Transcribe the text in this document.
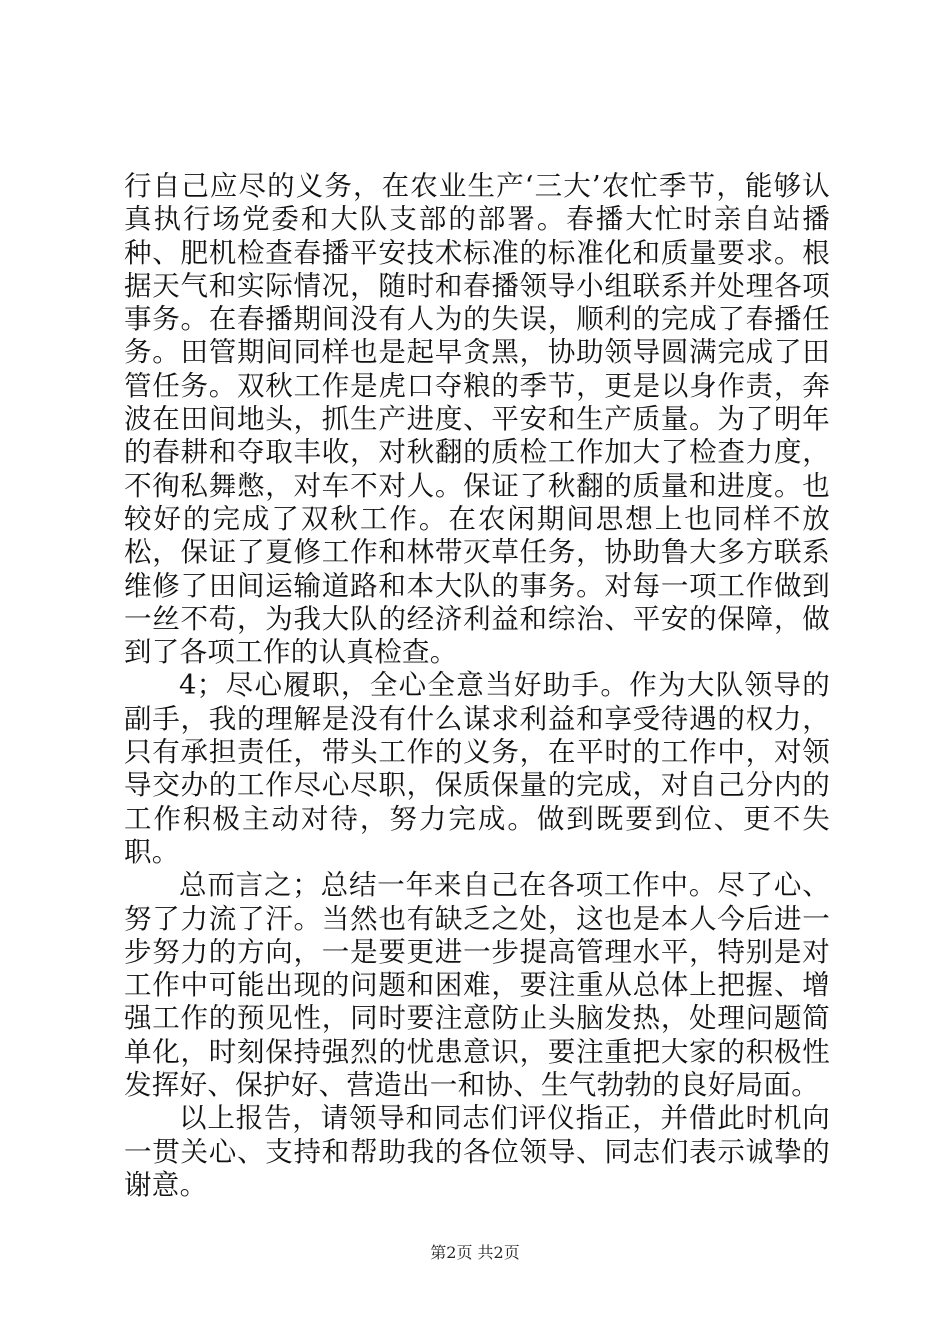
行自己应尽的义务，在农业生产‘三大’农忙季节，能够认真执行场党委和大队支部的部署。春播大忙时亲自站播种、肥机检查春播平安技术标准的标准化和质量要求。根据天气和实际情况，随时和春播领导小组联系并处理各项事务。在春播期间没有人为的失误，顺利的完成了春播任务。田管期间同样也是起早贪黑，协助领导圆满完成了田管任务。双秋工作是虎口夺粮的季节，更是以身作责，奔波在田间地头，抓生产进度、平安和生产质量。为了明年的春耕和夺取丰收，对秋翻的质检工作加大了检查力度，不徇私舞憋，对车不对人。保证了秋翻的质量和进度。也较好的完成了双秋工作。在农闲期间思想上也同样不放松，保证了夏修工作和林带灭草任务，协助鲁大多方联系维修了田间运输道路和本大队的事务。对每一项工作做到一丝不苟，为我大队的经济利益和综治、平安的保障，做到了各项工作的认真检查。

4；尽心履职，全心全意当好助手。作为大队领导的副手，我的理解是没有什么谋求利益和享受待遇的权力，只有承担责任，带头工作的义务，在平时的工作中，对领导交办的工作尽心尽职，保质保量的完成，对自己分内的工作积极主动对待，努力完成。做到既要到位、更不失职。

总而言之；总结一年来自己在各项工作中。尽了心、努了力流了汗。当然也有缺乏之处，这也是本人今后进一步努力的方向，一是要更进一步提高管理水平，特别是对工作中可能出现的问题和困难，要注重从总体上把握、增强工作的预见性，同时要注意防止头脑发热，处理问题简单化，时刻保持强烈的忧患意识，要注重把大家的积极性发挥好、保护好、营造出一和协、生气勃勃的良好局面。

以上报告，请领导和同志们评仪指正，并借此时机向一贯关心、支持和帮助我的各位领导、同志们表示诚挚的谢意。

第2页 共2页
